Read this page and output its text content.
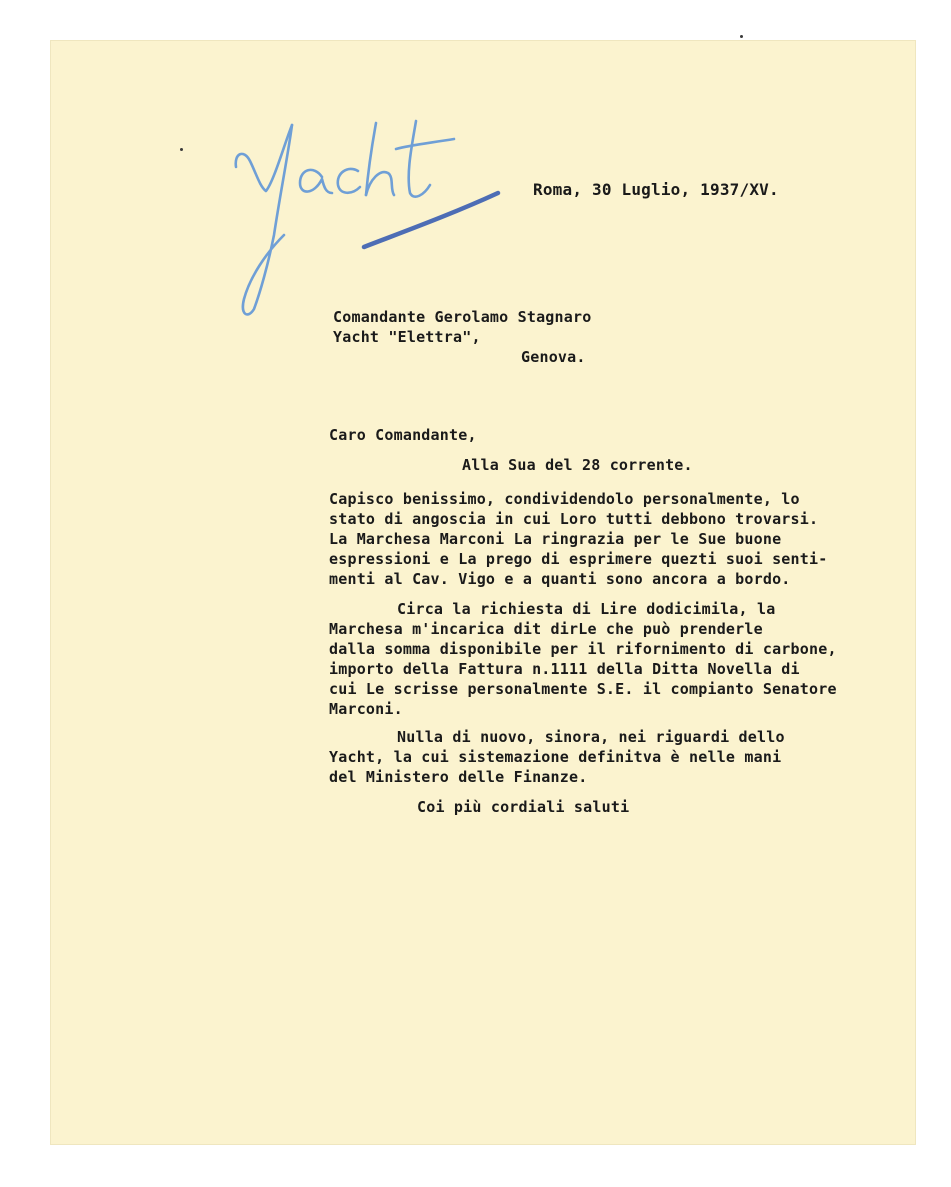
Roma, 30 Luglio, 1937/XV.
Comandante Gerolamo Stagnaro
Yacht "Elettra",
Genova.
Caro Comandante,
Alla Sua del 28 corrente.
Capisco benissimo, condividendolo personalmente, lo
stato di angoscia in cui Loro tutti debbono trovarsi.
La Marchesa Marconi La ringrazia per le Sue buone
espressioni e La prego di esprimere quezti suoi senti-
menti al Cav. Vigo e a quanti sono ancora a bordo.
Circa la richiesta di Lire dodicimila, la
Marchesa m'incarica dit dirLe che può prenderle
dalla somma disponibile per il rifornimento di carbone,
importo della Fattura n.1111 della Ditta Novella di
cui Le scrisse personalmente S.E. il compianto Senatore
Marconi.
Nulla di nuovo, sinora, nei riguardi dello
Yacht, la cui sistemazione definitva è nelle mani
del Ministero delle Finanze.
Coi più cordiali saluti
